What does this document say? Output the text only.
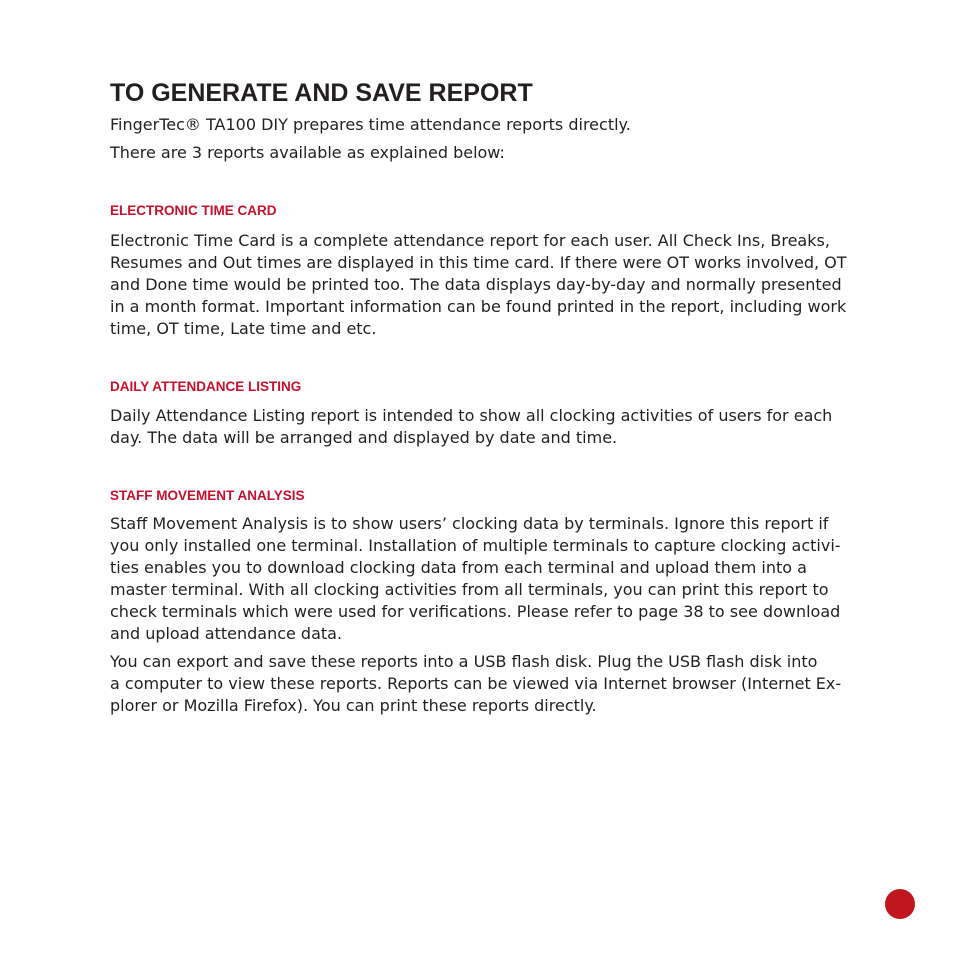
TO GENERATE AND SAVE REPORT

FingerTec® TA100 DIY prepares time attendance reports directly.

There are 3 reports available as explained below:

ELECTRONIC TIME CARD

Electronic Time Card is a complete attendance report for each user. All Check Ins, Breaks,
Resumes and Out times are displayed in this time card. If there were OT works involved, OT
and Done time would be printed too. The data displays day-by-day and normally presented
in a month format. Important information can be found printed in the report, including work
time, OT time, Late time and etc.

DAILY ATTENDANCE LISTING

Daily Attendance Listing report is intended to show all clocking activities of users for each
day. The data will be arranged and displayed by date and time.

STAFF MOVEMENT ANALYSIS

Staff Movement Analysis is to show users’ clocking data by terminals. Ignore this report if
you only installed one terminal. Installation of multiple terminals to capture clocking activi-
ties enables you to download clocking data from each terminal and upload them into a
master terminal. With all clocking activities from all terminals, you can print this report to
check terminals which were used for verifications. Please refer to page 38 to see download
and upload attendance data.

You can export and save these reports into a USB flash disk. Plug the USB flash disk into
a computer to view these reports. Reports can be viewed via Internet browser (Internet Ex-
plorer or Mozilla Firefox). You can print these reports directly.
